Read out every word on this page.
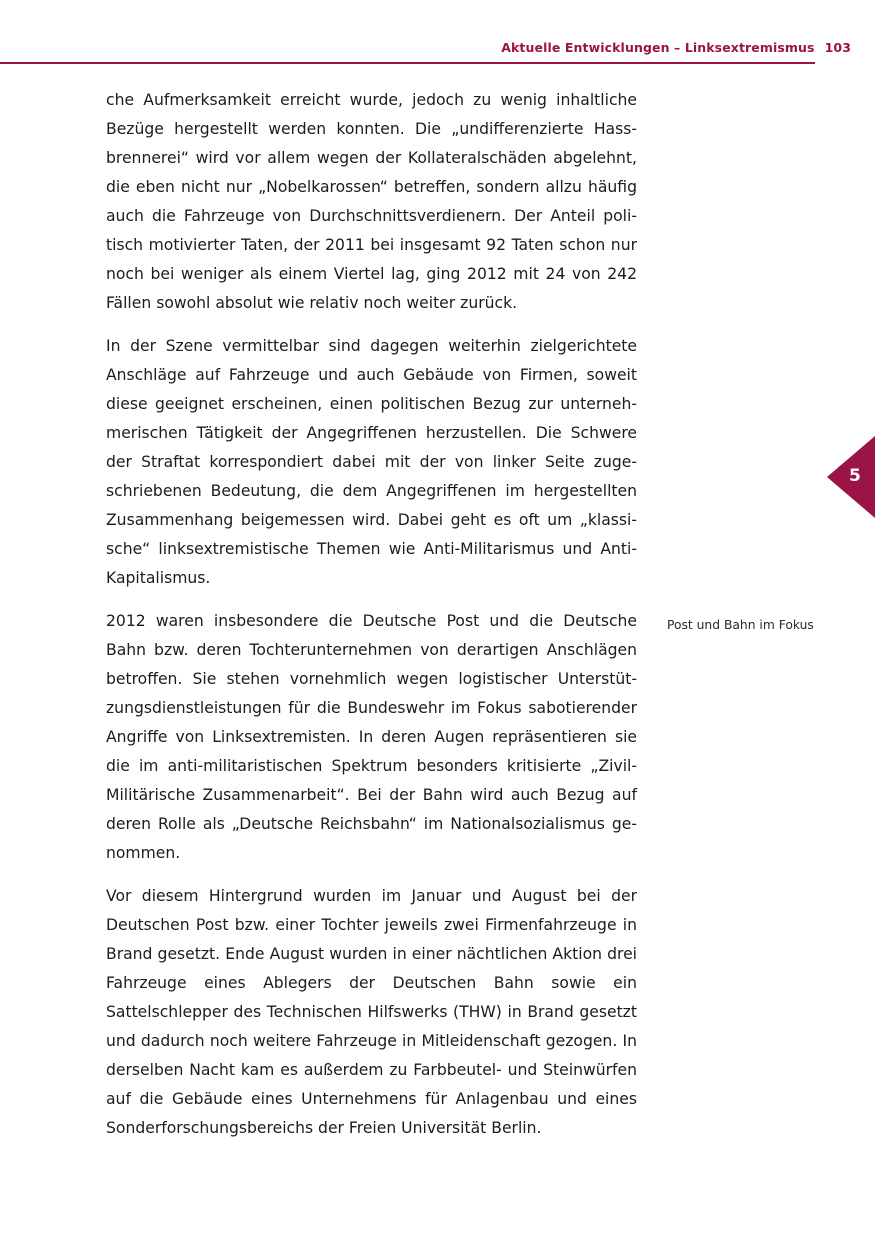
Aktuelle Entwicklungen – Linksextremismus 103

che Aufmerksamkeit erreicht wurde, jedoch zu wenig inhaltliche Bezüge hergestellt werden konnten. Die „undifferenzierte Hassbrennerei“ wird vor allem wegen der Kollateralschäden abgelehnt, die eben nicht nur „Nobelkarossen“ betreffen, sondern allzu häufig auch die Fahrzeuge von Durchschnittsverdienern. Der Anteil politisch motivierter Taten, der 2011 bei insgesamt 92 Taten schon nur noch bei weniger als einem Viertel lag, ging 2012 mit 24 von 242 Fällen sowohl absolut wie relativ noch weiter zurück.

In der Szene vermittelbar sind dagegen weiterhin zielgerichtete Anschläge auf Fahrzeuge und auch Gebäude von Firmen, soweit diese geeignet erscheinen, einen politischen Bezug zur unternehmerischen Tätigkeit der Angegriffenen herzustellen. Die Schwere der Straftat korrespondiert dabei mit der von linker Seite zugeschriebenen Bedeutung, die dem Angegriffenen im hergestellten Zusammenhang beigemessen wird. Dabei geht es oft um „klassische“ linksextremistische Themen wie Anti-Militarismus und Anti-Kapitalismus.

2012 waren insbesondere die Deutsche Post und die Deutsche Bahn bzw. deren Tochterunternehmen von derartigen Anschlägen betroffen. Sie stehen vornehmlich wegen logistischer Unterstützungsdienstleistungen für die Bundeswehr im Fokus sabotierender Angriffe von Linksextremisten. In deren Augen repräsentieren sie die im anti-militaristischen Spektrum besonders kritisierte „Zivil-Militärische Zusammenarbeit“. Bei der Bahn wird auch Bezug auf deren Rolle als „Deutsche Reichsbahn“ im Nationalsozialismus genommen.

Vor diesem Hintergrund wurden im Januar und August bei der Deutschen Post bzw. einer Tochter jeweils zwei Firmenfahrzeuge in Brand gesetzt. Ende August wurden in einer nächtlichen Aktion drei Fahrzeuge eines Ablegers der Deutschen Bahn sowie ein Sattelschlepper des Technischen Hilfswerks (THW) in Brand gesetzt und dadurch noch weitere Fahrzeuge in Mitleidenschaft gezogen. In derselben Nacht kam es außerdem zu Farbbeutel- und Steinwürfen auf die Gebäude eines Unternehmens für Anlagenbau und eines Sonderforschungsbereichs der Freien Universität Berlin.

Post und Bahn im Fokus
5
